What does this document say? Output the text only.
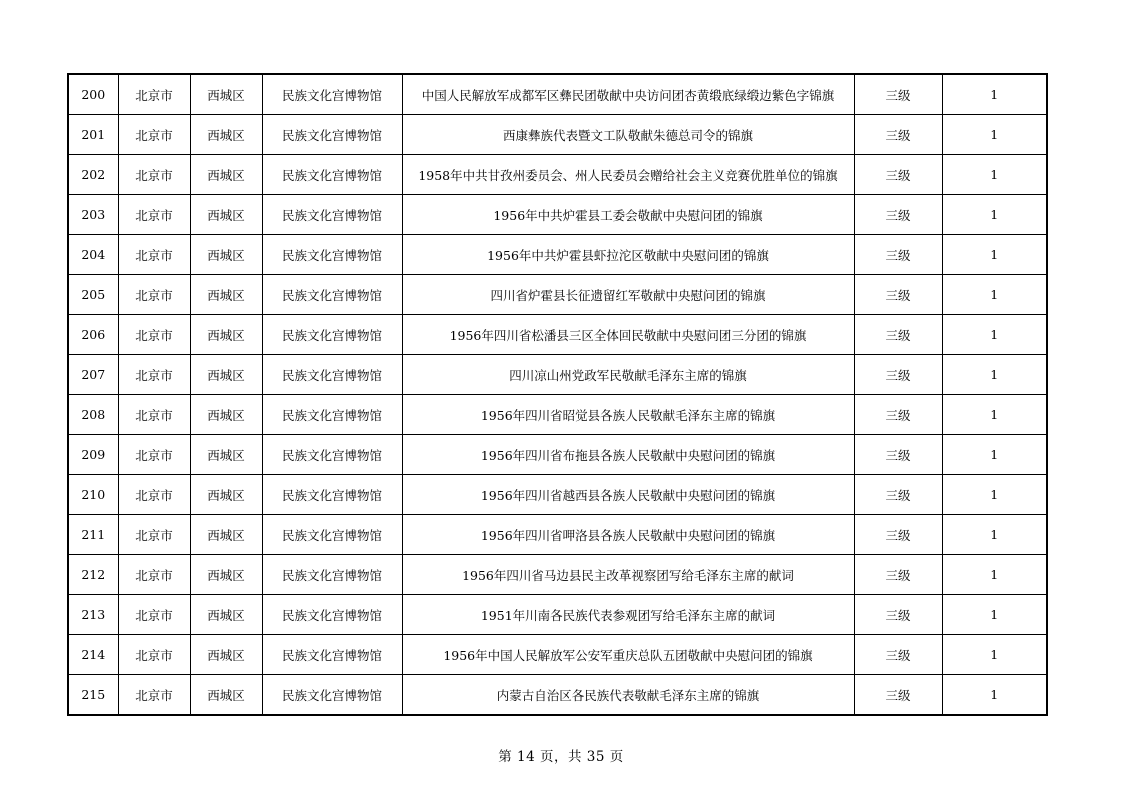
200	北京市	西城区	民族文化宫博物馆	中国人民解放军成都军区彝民团敬献中央访问团杏黄缎底绿缎边紫色字锦旗	三级	1
201	北京市	西城区	民族文化宫博物馆	西康彝族代表暨文工队敬献朱德总司令的锦旗	三级	1
202	北京市	西城区	民族文化宫博物馆	1958年中共甘孜州委员会、州人民委员会赠给社会主义竞赛优胜单位的锦旗	三级	1
203	北京市	西城区	民族文化宫博物馆	1956年中共炉霍县工委会敬献中央慰问团的锦旗	三级	1
204	北京市	西城区	民族文化宫博物馆	1956年中共炉霍县虾拉沱区敬献中央慰问团的锦旗	三级	1
205	北京市	西城区	民族文化宫博物馆	四川省炉霍县长征遗留红军敬献中央慰问团的锦旗	三级	1
206	北京市	西城区	民族文化宫博物馆	1956年四川省松潘县三区全体回民敬献中央慰问团三分团的锦旗	三级	1
207	北京市	西城区	民族文化宫博物馆	四川凉山州党政军民敬献毛泽东主席的锦旗	三级	1
208	北京市	西城区	民族文化宫博物馆	1956年四川省昭觉县各族人民敬献毛泽东主席的锦旗	三级	1
209	北京市	西城区	民族文化宫博物馆	1956年四川省布拖县各族人民敬献中央慰问团的锦旗	三级	1
210	北京市	西城区	民族文化宫博物馆	1956年四川省越西县各族人民敬献中央慰问团的锦旗	三级	1
211	北京市	西城区	民族文化宫博物馆	1956年四川省呷洛县各族人民敬献中央慰问团的锦旗	三级	1
212	北京市	西城区	民族文化宫博物馆	1956年四川省马边县民主改革视察团写给毛泽东主席的献词	三级	1
213	北京市	西城区	民族文化宫博物馆	1951年川南各民族代表参观团写给毛泽东主席的献词	三级	1
214	北京市	西城区	民族文化宫博物馆	1956年中国人民解放军公安军重庆总队五团敬献中央慰问团的锦旗	三级	1
215	北京市	西城区	民族文化宫博物馆	内蒙古自治区各民族代表敬献毛泽东主席的锦旗	三级	1
第 14 页，共 35 页
